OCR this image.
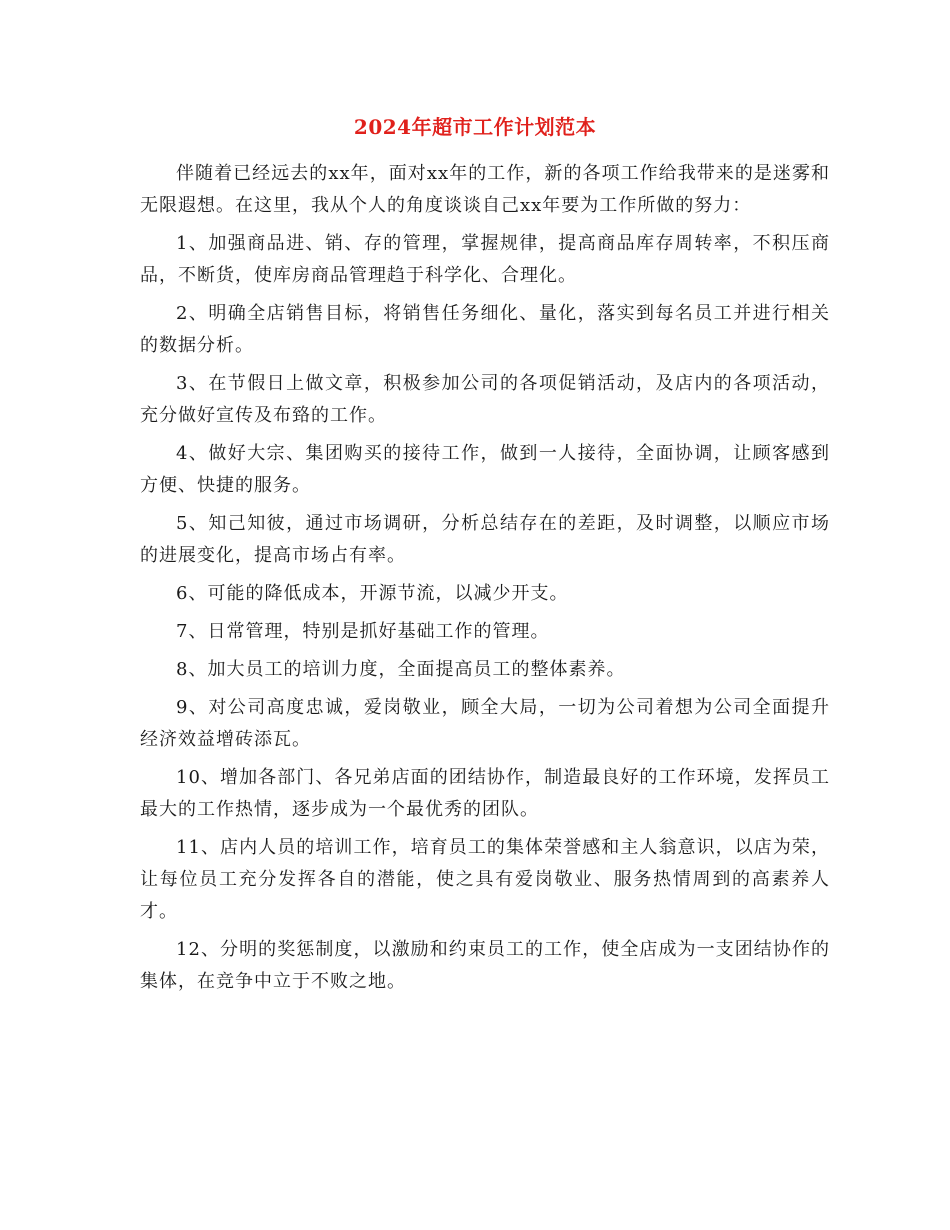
2024年超市工作计划范本

伴随着已经远去的xx年，面对xx年的工作，新的各项工作给我带来的是迷雾和无限遐想。在这里，我从个人的角度谈谈自己xx年要为工作所做的努力：

1、加强商品进、销、存的管理，掌握规律，提高商品库存周转率，不积压商品，不断货，使库房商品管理趋于科学化、合理化。

2、明确全店销售目标，将销售任务细化、量化，落实到每名员工并进行相关的数据分析。

3、在节假日上做文章，积极参加公司的各项促销活动，及店内的各项活动，充分做好宣传及布臵的工作。

4、做好大宗、集团购买的接待工作，做到一人接待，全面协调，让顾客感到方便、快捷的服务。

5、知己知彼，通过市场调研，分析总结存在的差距，及时调整，以顺应市场的进展变化，提高市场占有率。

6、可能的降低成本，开源节流，以减少开支。

7、日常管理，特别是抓好基础工作的管理。

8、加大员工的培训力度，全面提高员工的整体素养。

9、对公司高度忠诚，爱岗敬业，顾全大局，一切为公司着想为公司全面提升经济效益增砖添瓦。

10、增加各部门、各兄弟店面的团结协作，制造最良好的工作环境，发挥员工最大的工作热情，逐步成为一个最优秀的团队。

11、店内人员的培训工作，培育员工的集体荣誉感和主人翁意识，以店为荣，让每位员工充分发挥各自的潜能，使之具有爱岗敬业、服务热情周到的高素养人才。

12、分明的奖惩制度，以激励和约束员工的工作，使全店成为一支团结协作的集体，在竞争中立于不败之地。
